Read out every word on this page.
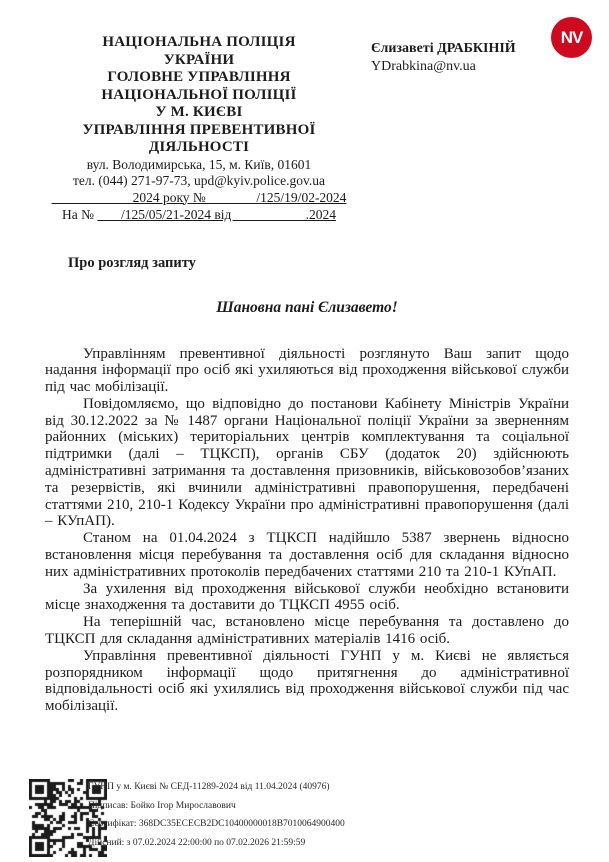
НАЦІОНАЛЬНА ПОЛІЦІЯ
УКРАЇНИ
ГОЛОВНЕ УПРАВЛІННЯ
НАЦІОНАЛЬНОЇ ПОЛІЦІЇ
У М. КИЄВІ
УПРАВЛІННЯ ПРЕВЕНТИВНОЇ
ДІЯЛЬНОСТІ
вул. Володимирська, 15, м. Київ, 01601
тел. (044) 271-97-73, upd@kyiv.police.gov.ua
2024 року №               /125/19/02-2024
На №        /125/05/21-2024 від                      .2024
Єлизаветі ДРАБКІНІЙ
YDrabkina@nv.ua
NV
Про розгляд запиту
Шановна пані Єлизавето!

Управлінням превентивної діяльності розглянуто Ваш запит щодо надання інформації про осіб які ухиляються від проходження військової служби під час мобілізації.

Повідомляємо, що відповідно до постанови Кабінету Міністрів України від 30.12.2022 за № 1487 органи Національної поліції України за зверненням районних (міських) територіальних центрів комплектування та соціальної підтримки (далі – ТЦКСП), органів СБУ (додаток 20) здійснюють адміністративні затримання та доставлення призовників, військовозобов’язаних та резервістів, які вчинили адміністративні правопорушення, передбачені статтями 210, 210-1 Кодексу України про адміністративні правопорушення (далі – КУпАП).

Станом на 01.04.2024 з ТЦКСП надійшло 5387 звернень відносно встановлення місця перебування та доставлення осіб для складання відносно них адміністративних протоколів передбачених статтями 210 та 210-1 КУпАП.

За ухилення від проходження військової служби необхідно встановити місце знаходження та доставити до ТЦКСП 4955 осіб.

На теперішній час, встановлено місце перебування та доставлено до ТЦКСП для складання адміністративних матеріалів 1416 осіб.

Управління превентивної діяльності ГУНП у м. Києві не являється розпорядником інформації щодо притягнення до адміністративної відповідальності осіб які ухилялись від проходження військової служби під час мобілізації.

ГУНП у м. Києві № СЕД-11289-2024 від 11.04.2024 (40976)
Підписав: Бойко Ігор Мирославович
Сертифікат: 368DC35ECECB2DC10400000018B7010064900400
Дійсний: з 07.02.2024 22:00:00 по 07.02.2026 21:59:59
